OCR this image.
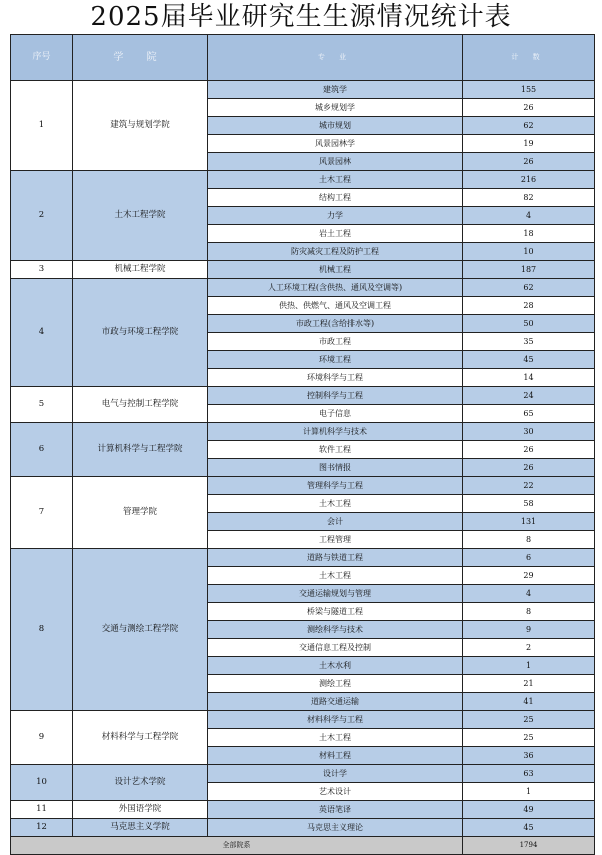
2025届毕业研究生生源情况统计表
序号	学 院	专 业	计 数
1	建筑与规划学院	建筑学	155
		城乡规划学	26
		城市规划	62
		风景园林学	19
		风景园林	26
2	土木工程学院	土木工程	216
		结构工程	82
		力学	4
		岩土工程	18
		防灾减灾工程及防护工程	10
3	机械工程学院	机械工程	187
4	市政与环境工程学院	人工环境工程(含供热、通风及空调等)	62
		供热、供燃气、通风及空调工程	28
		市政工程(含给排水等)	50
		市政工程	35
		环境工程	45
		环境科学与工程	14
5	电气与控制工程学院	控制科学与工程	24
		电子信息	65
6	计算机科学与工程学院	计算机科学与技术	30
		软件工程	26
		图书情报	26
7	管理学院	管理科学与工程	22
		土木工程	58
		会计	131
		工程管理	8
8	交通与测绘工程学院	道路与铁道工程	6
		土木工程	29
		交通运输规划与管理	4
		桥梁与隧道工程	8
		测绘科学与技术	9
		交通信息工程及控制	2
		土木水利	1
		测绘工程	21
		道路交通运输	41
9	材料科学与工程学院	材料科学与工程	25
		土木工程	25
		材料工程	36
10	设计艺术学院	设计学	63
		艺术设计	1
11	外国语学院	英语笔译	49
12	马克思主义学院	马克思主义理论	45
全部院系			1794
